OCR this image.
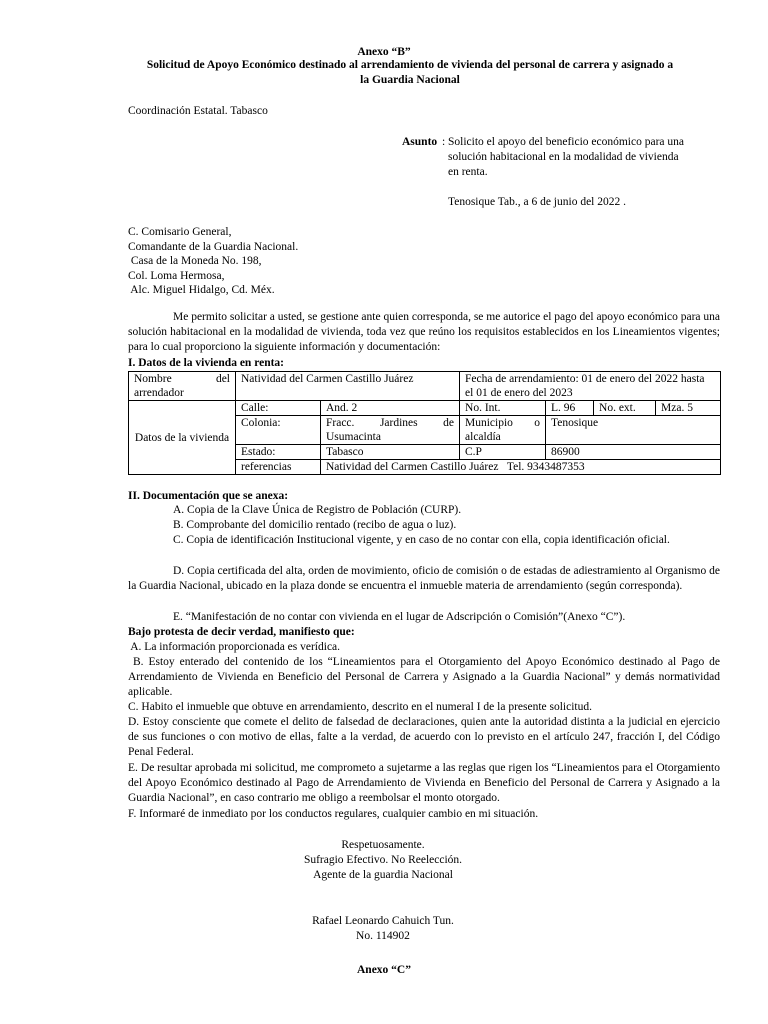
Anexo “B”
Solicitud de Apoyo Económico destinado al arrendamiento de vivienda del personal de carrera y asignado a
la Guardia Nacional
Coordinación Estatal. Tabasco
Asunto : Solicito el apoyo del beneficio económico para una
solución habitacional en la modalidad de vivienda
en renta.
Tenosique Tab., a 6 de junio del 2022 .
C. Comisario General,
Comandante de la Guardia Nacional.
Casa de la Moneda No. 198,
Col. Loma Hermosa,
Alc. Miguel Hidalgo, Cd. Méx.
Me permito solicitar a usted, se gestione ante quien corresponda, se me autorice el pago del apoyo económico para una solución habitacional en la modalidad de vivienda, toda vez que reúno los requisitos establecidos en los Lineamientos vigentes; para lo cual proporciono la siguiente información y documentación:
I. Datos de la vivienda en renta:
Nombre del arrendador	Natividad del Carmen Castillo Juárez		Fecha de arrendamiento: 01 de enero del 2022 hasta el 01 de enero del 2023			
Datos de la vivienda	Calle:	And. 2	No. Int.	L. 96	No. ext.	Mza. 5
	Colonia:	Fracc. Jardines de Usumacinta	Municipio o alcaldía	Tenosique		
	Estado:	Tabasco	C.P	86900		
	referencias	Natividad del Carmen Castillo Juárez   Tel. 9343487353				
II. Documentación que se anexa:
A. Copia de la Clave Única de Registro de Población (CURP).
B. Comprobante del domicilio rentado (recibo de agua o luz).
C. Copia de identificación Institucional vigente, y en caso de no contar con ella, copia identificación oficial.
D. Copia certificada del alta, orden de movimiento, oficio de comisión o de estadas de adiestramiento al Organismo de la Guardia Nacional, ubicado en la plaza donde se encuentra el inmueble materia de arrendamiento (según corresponda).
E. “Manifestación de no contar con vivienda en el lugar de Adscripción o Comisión”(Anexo “C”).
Bajo protesta de decir verdad, manifiesto que:
A. La información proporcionada es verídica.
B. Estoy enterado del contenido de los “Lineamientos para el Otorgamiento del Apoyo Económico destinado al Pago de Arrendamiento de Vivienda en Beneficio del Personal de Carrera y Asignado a la Guardia Nacional” y demás normatividad aplicable.
C. Habito el inmueble que obtuve en arrendamiento, descrito en el numeral I de la presente solicitud.
D. Estoy consciente que comete el delito de falsedad de declaraciones, quien ante la autoridad distinta a la judicial en ejercicio de sus funciones o con motivo de ellas, falte a la verdad, de acuerdo con lo previsto en el artículo 247, fracción I, del Código Penal Federal.
E. De resultar aprobada mi solicitud, me comprometo a sujetarme a las reglas que rigen los “Lineamientos para el Otorgamiento del Apoyo Económico destinado al Pago de Arrendamiento de Vivienda en Beneficio del Personal de Carrera y Asignado a la Guardia Nacional”, en caso contrario me obligo a reembolsar el monto otorgado.
F. Informaré de inmediato por los conductos regulares, cualquier cambio en mi situación.
Respetuosamente.
Sufragio Efectivo. No Reelección.
Agente de la guardia Nacional
Rafael Leonardo Cahuich Tun.
No. 114902
Anexo “C”
